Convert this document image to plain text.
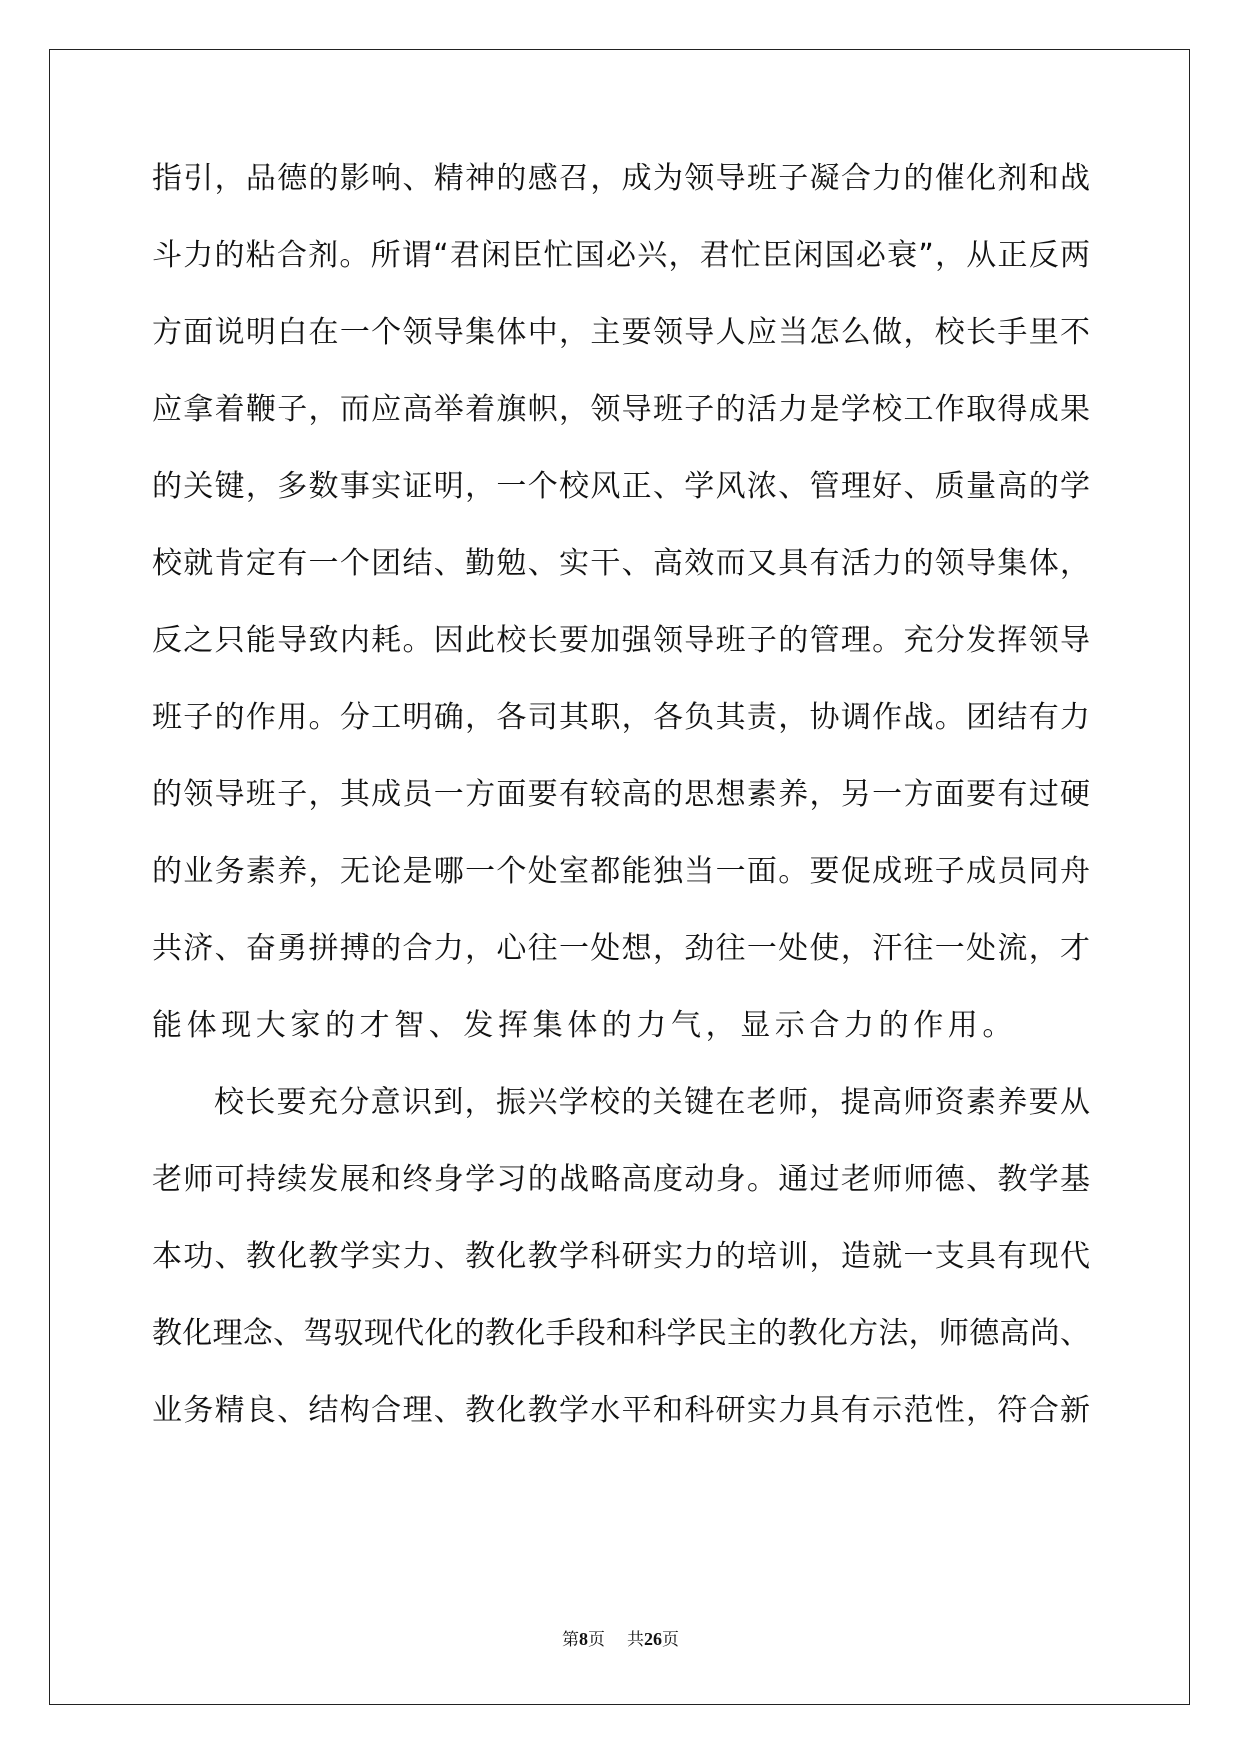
指引，品德的影响、精神的感召，成为领导班子凝合力的催化剂和战
斗力的粘合剂。所谓“君闲臣忙国必兴，君忙臣闲国必衰”，从正反两
方面说明白在一个领导集体中，主要领导人应当怎么做，校长手里不
应拿着鞭子，而应高举着旗帜，领导班子的活力是学校工作取得成果
的关键，多数事实证明，一个校风正、学风浓、管理好、质量高的学
校就肯定有一个团结、勤勉、实干、高效而又具有活力的领导集体，
反之只能导致内耗。因此校长要加强领导班子的管理。充分发挥领导
班子的作用。分工明确，各司其职，各负其责，协调作战。团结有力
的领导班子，其成员一方面要有较高的思想素养，另一方面要有过硬
的业务素养，无论是哪一个处室都能独当一面。要促成班子成员同舟
共济、奋勇拼搏的合力，心往一处想，劲往一处使，汗往一处流，才
能体现大家的才智、发挥集体的力气，显示合力的作用。
校长要充分意识到，振兴学校的关键在老师，提高师资素养要从
老师可持续发展和终身学习的战略高度动身。通过老师师德、教学基
本功、教化教学实力、教化教学科研实力的培训，造就一支具有现代
教化理念、驾驭现代化的教化手段和科学民主的教化方法，师德高尚、
业务精良、结构合理、教化教学水平和科研实力具有示范性，符合新
第8页 共26页
